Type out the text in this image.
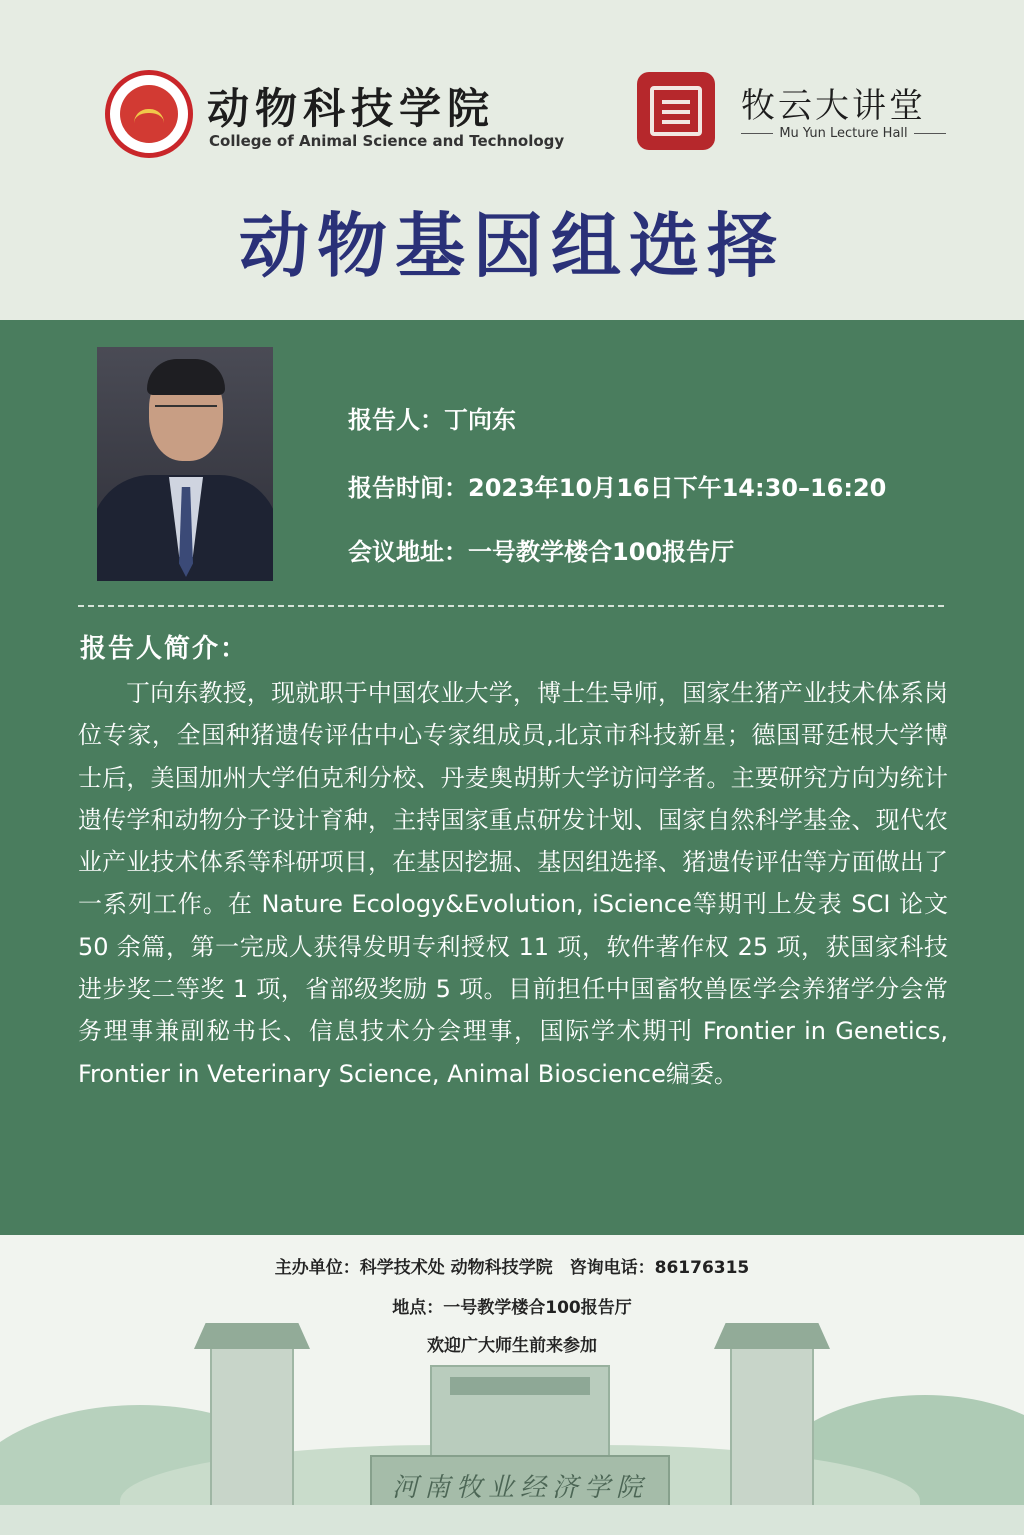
动物科技学院
College of Animal Science and Technology
牧云大讲堂
Mu Yun Lecture Hall
动物基因组选择
报告人：丁向东
报告时间：2023年10月16日下午14:30–16:20
会议地址：一号教学楼合100报告厅
报告人简介：
丁向东教授，现就职于中国农业大学，博士生导师，国家生猪产业技术体系岗位专家，全国种猪遗传评估中心专家组成员,北京市科技新星；德国哥廷根大学博士后，美国加州大学伯克利分校、丹麦奥胡斯大学访问学者。主要研究方向为统计遗传学和动物分子设计育种，主持国家重点研发计划、国家自然科学基金、现代农业产业技术体系等科研项目，在基因挖掘、基因组选择、猪遗传评估等方面做出了一系列工作。在 Nature Ecology&Evolution, iScience等期刊上发表 SCI 论文 50 余篇，第一完成人获得发明专利授权 11 项，软件著作权 25 项，获国家科技进步奖二等奖 1 项，省部级奖励 5 项。目前担任中国畜牧兽医学会养猪学分会常务理事兼副秘书长、信息技术分会理事，国际学术期刊 Frontier in Genetics, Frontier in Veterinary Science, Animal Bioscience编委。
河南牧业经济学院
主办单位：科学技术处 动物科技学院　咨询电话：86176315
地点：一号教学楼合100报告厅
欢迎广大师生前来参加
